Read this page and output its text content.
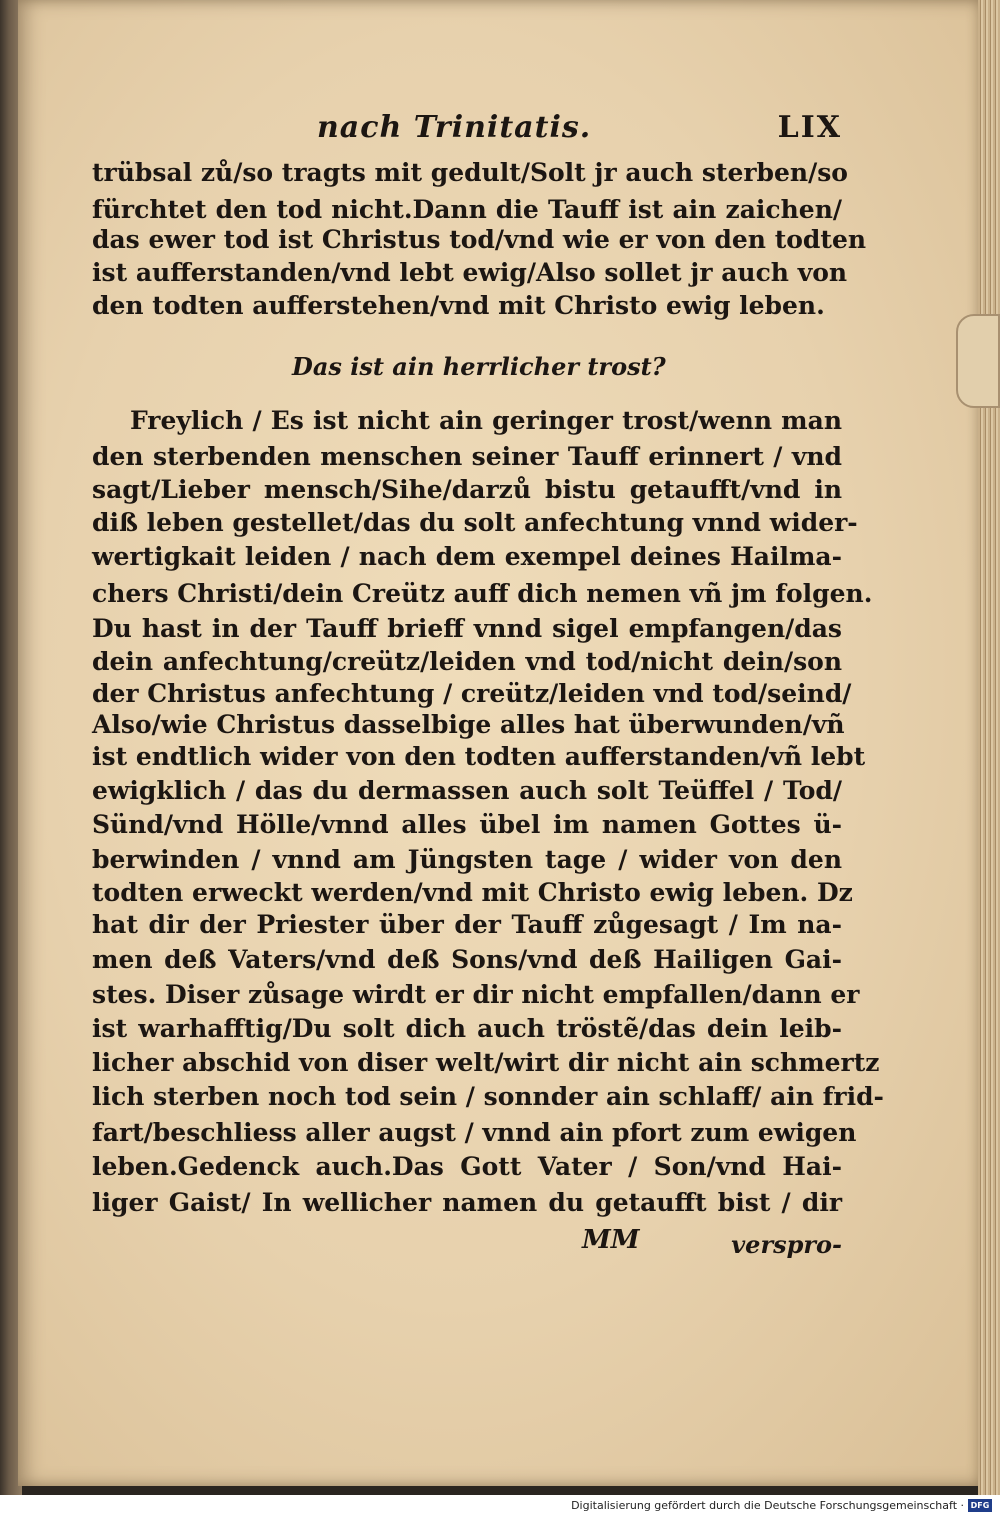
nach Trinitatis.	LIX
trübsal zů/so tragts mit gedult/Solt jr auch sterben/so
fürchtet den tod nicht.Dann die Tauff ist ain zaichen/
das ewer tod ist Christus tod/vnd wie er von den todten
ist aufferstanden/vnd lebt ewig/Also sollet jr auch von
den todten aufferstehen/vnd mit Christo ewig leben.
Das ist ain herrlicher trost?
Freylich / Es ist nicht ain geringer trost/wenn man
den sterbenden menschen seiner Tauff erinnert / vnd
sagt/Lieber mensch/Sihe/darzů bistu getaufft/vnd in
diß leben gestellet/das du solt anfechtung vnnd wider-
wertigkait leiden / nach dem exempel deines Hailma-
chers Christi/dein Creütz auff dich nemen vñ jm folgen.
Du hast in der Tauff brieff vnnd sigel empfangen/das
dein anfechtung/creütz/leiden vnd tod/nicht dein/son
der Christus anfechtung / creütz/leiden vnd tod/seind/
Also/wie Christus dasselbige alles hat überwunden/vñ
ist endtlich wider von den todten aufferstanden/vñ lebt
ewigklich / das du dermassen auch solt Teüffel / Tod/
Sünd/vnd Hölle/vnnd alles übel im namen Gottes ü-
berwinden / vnnd am Jüngsten tage / wider von den
todten erweckt werden/vnd mit Christo ewig leben. Dz
hat dir der Priester über der Tauff zůgesagt / Im na-
men deß Vaters/vnd deß Sons/vnd deß Hailigen Gai-
stes. Diser zůsage wirdt er dir nicht empfallen/dann er
ist warhafftig/Du solt dich auch tröstẽ/das dein leib-
licher abschid von diser welt/wirt dir nicht ain schmertz
lich sterben noch tod sein / sonnder ain schlaff/ ain frid-
fart/beschliess aller augst / vnnd ain pfort zum ewigen
leben.Gedenck auch.Das Gott Vater / Son/vnd Hai-
liger Gaist/ In wellicher namen du getaufft bist / dir
MM	verspro-
Digitalisierung gefördert durch die Deutsche Forschungsgemeinschaft · DFG
